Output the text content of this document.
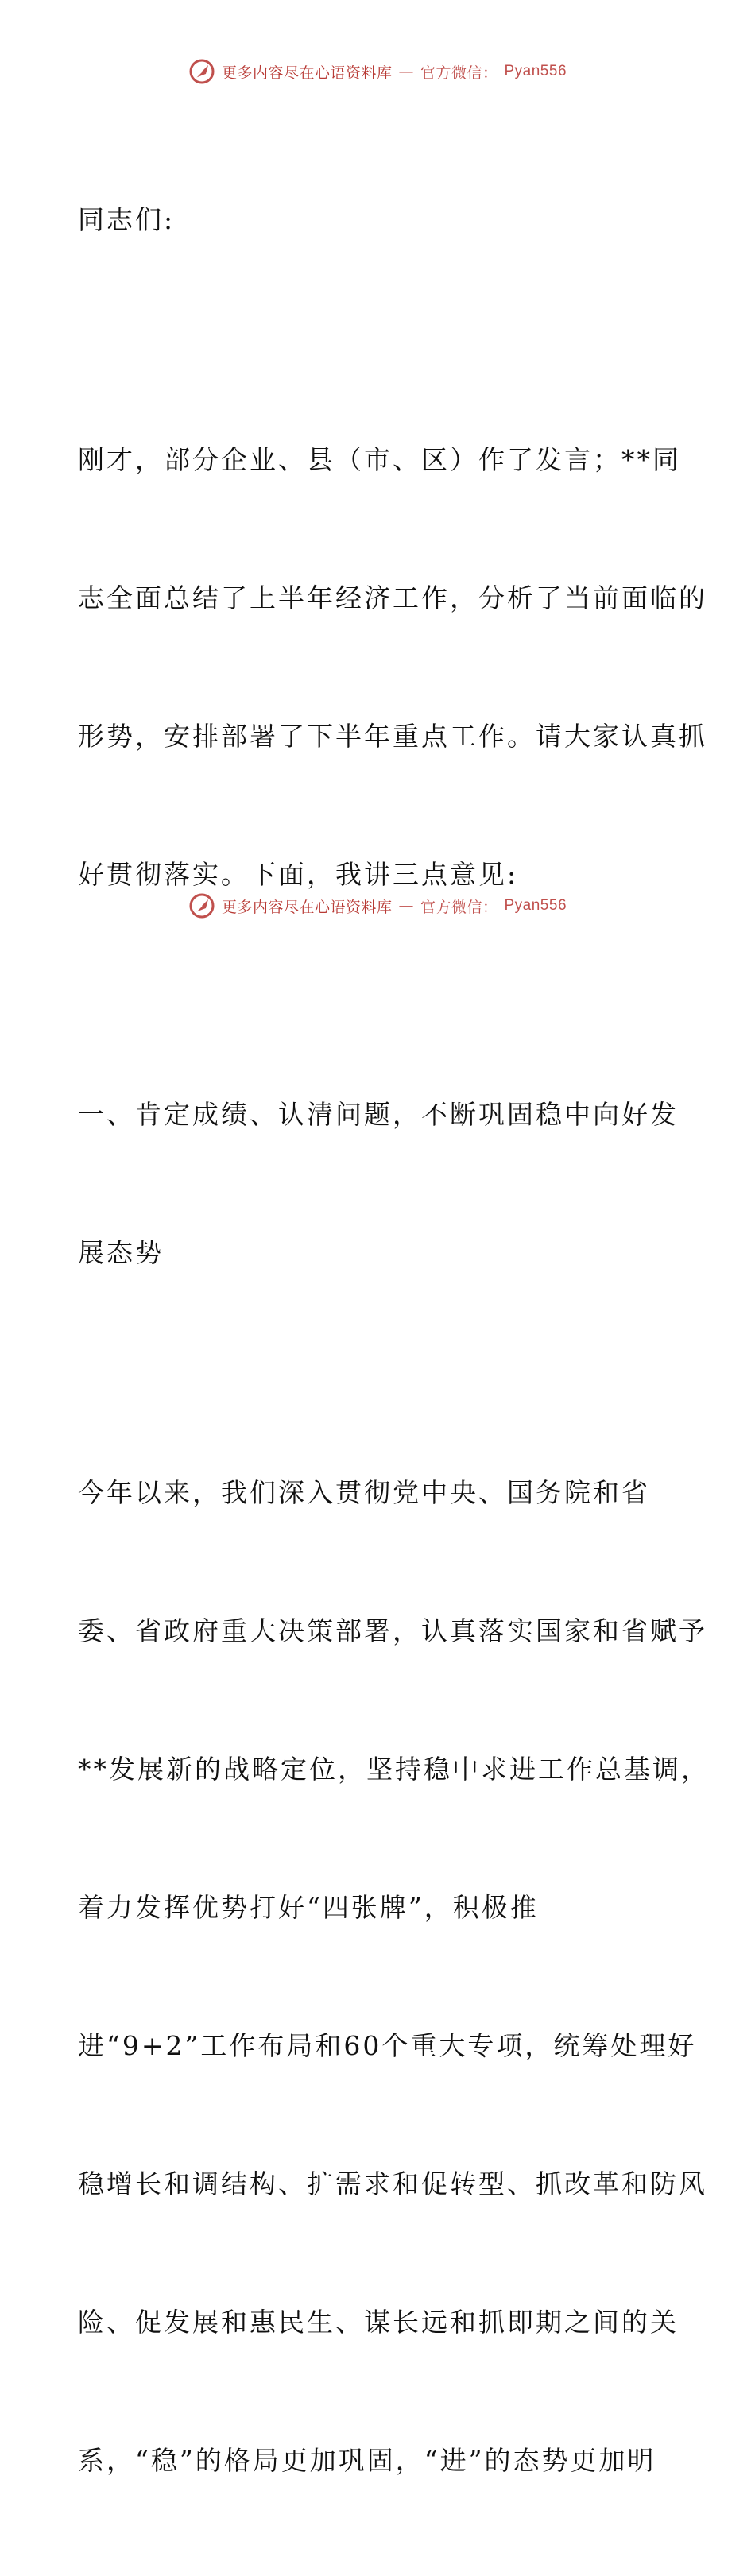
更多内容尽在心语资料库 — 官方微信： Pyan556

同志们:

刚才，部分企业、县（市、区）作了发言；**同

志全面总结了上半年经济工作，分析了当前面临的

形势，安排部署了下半年重点工作。请大家认真抓

好贯彻落实。下面，我讲三点意见:

一、肯定成绩、认清问题，不断巩固稳中向好发

展态势

今年以来，我们深入贯彻党中央、国务院和省

委、省政府重大决策部署，认真落实国家和省赋予

**发展新的战略定位，坚持稳中求进工作总基调，

着力发挥优势打好“四张牌”，积极推

进“9+2”工作布局和60个重大专项，统筹处理好

稳增长和调结构、扩需求和促转型、抓改革和防风

险、促发展和惠民生、谋长远和抓即期之间的关

系，“稳”的格局更加巩固，“进”的态势更加明

更多内容尽在心语资料库 — 官方微信： Pyan556
